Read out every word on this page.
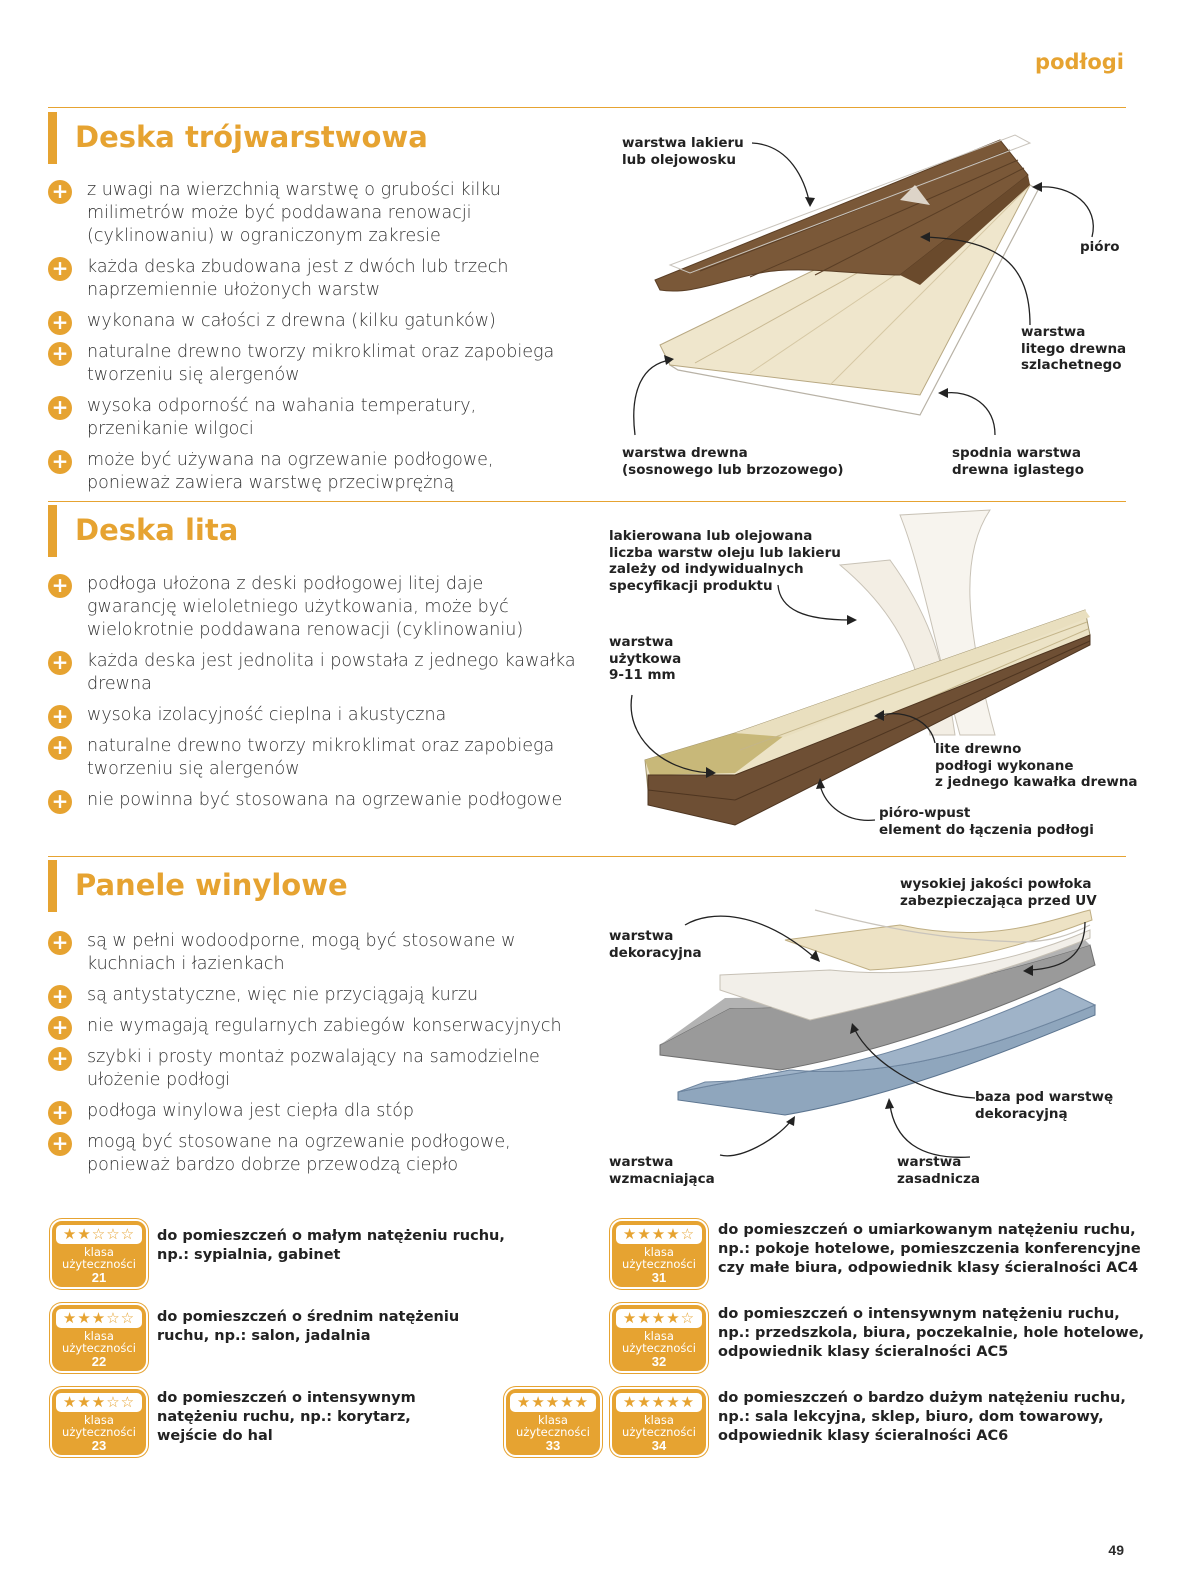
podłogi
Deska trójwarstwowa
+ z uwagi na wierzchnią warstwę o grubości kilku milimetrów może być poddawana renowacji (cyklinowaniu) w ograniczonym zakresie
+ każda deska zbudowana jest z dwóch lub trzech naprzemiennie ułożonych warstw
+ wykonana w całości z drewna (kilku gatunków)
+ naturalne drewno tworzy mikroklimat oraz zapobiega tworzeniu się alergenów
+ wysoka odporność na wahania temperatury, przenikanie wilgoci
+ może być używana na ogrzewanie podłogowe, ponieważ zawiera warstwę przeciwprężną
warstwa lakieru
lub olejowosku
pióro
warstwa
litego drewna
szlachetnego
warstwa drewna
(sosnowego lub brzozowego)
spodnia warstwa
drewna iglastego
Deska lita
+ podłoga ułożona z deski podłogowej litej daje gwarancję wieloletniego użytkowania, może być wielokrotnie poddawana renowacji (cyklinowaniu)
+ każda deska jest jednolita i powstała z jednego kawałka drewna
+ wysoka izolacyjność cieplna i akustyczna
+ naturalne drewno tworzy mikroklimat oraz zapobiega tworzeniu się alergenów
+ nie powinna być stosowana na ogrzewanie podłogowe
lakierowana lub olejowana
liczba warstw oleju lub lakieru
zależy od indywidualnych
specyfikacji produktu
warstwa
użytkowa
9-11 mm
lite drewno
podłogi wykonane
z jednego kawałka drewna
pióro-wpust
element do łączenia podłogi
Panele winylowe
+ są w pełni wodoodporne, mogą być stosowane w kuchniach i łazienkach
+ są antystatyczne, więc nie przyciągają kurzu
+ nie wymagają regularnych zabiegów konserwacyjnych
+ szybki i prosty montaż pozwalający na samodzielne ułożenie podłogi
+ podłoga winylowa jest ciepła dla stóp
+ mogą być stosowane na ogrzewanie podłogowe, ponieważ bardzo dobrze przewodzą ciepło
wysokiej jakości powłoka
zabezpieczająca przed UV
warstwa
dekoracyjna
baza pod warstwę
dekoracyjną
warstwa
wzmacniająca
warstwa
zasadnicza
★★☆☆☆
klasa
użyteczności
21
do pomieszczeń o małym natężeniu ruchu,
np.: sypialnia, gabinet
★★★☆☆
klasa
użyteczności
22
do pomieszczeń o średnim natężeniu
ruchu, np.: salon, jadalnia
★★★☆☆
klasa
użyteczności
23
do pomieszczeń o intensywnym
natężeniu ruchu, np.: korytarz,
wejście do hal
★★★★☆
klasa
użyteczności
31
do pomieszczeń o umiarkowanym natężeniu ruchu,
np.: pokoje hotelowe, pomieszczenia konferencyjne
czy małe biura, odpowiednik klasy ścieralności AC4
★★★★☆
klasa
użyteczności
32
do pomieszczeń o intensywnym natężeniu ruchu,
np.: przedszkola, biura, poczekalnie, hole hotelowe,
odpowiednik klasy ścieralności AC5
★★★★★
klasa
użyteczności
33
★★★★★
klasa
użyteczności
34
do pomieszczeń o bardzo dużym natężeniu ruchu,
np.: sala lekcyjna, sklep, biuro, dom towarowy,
odpowiednik klasy ścieralności AC6
49
